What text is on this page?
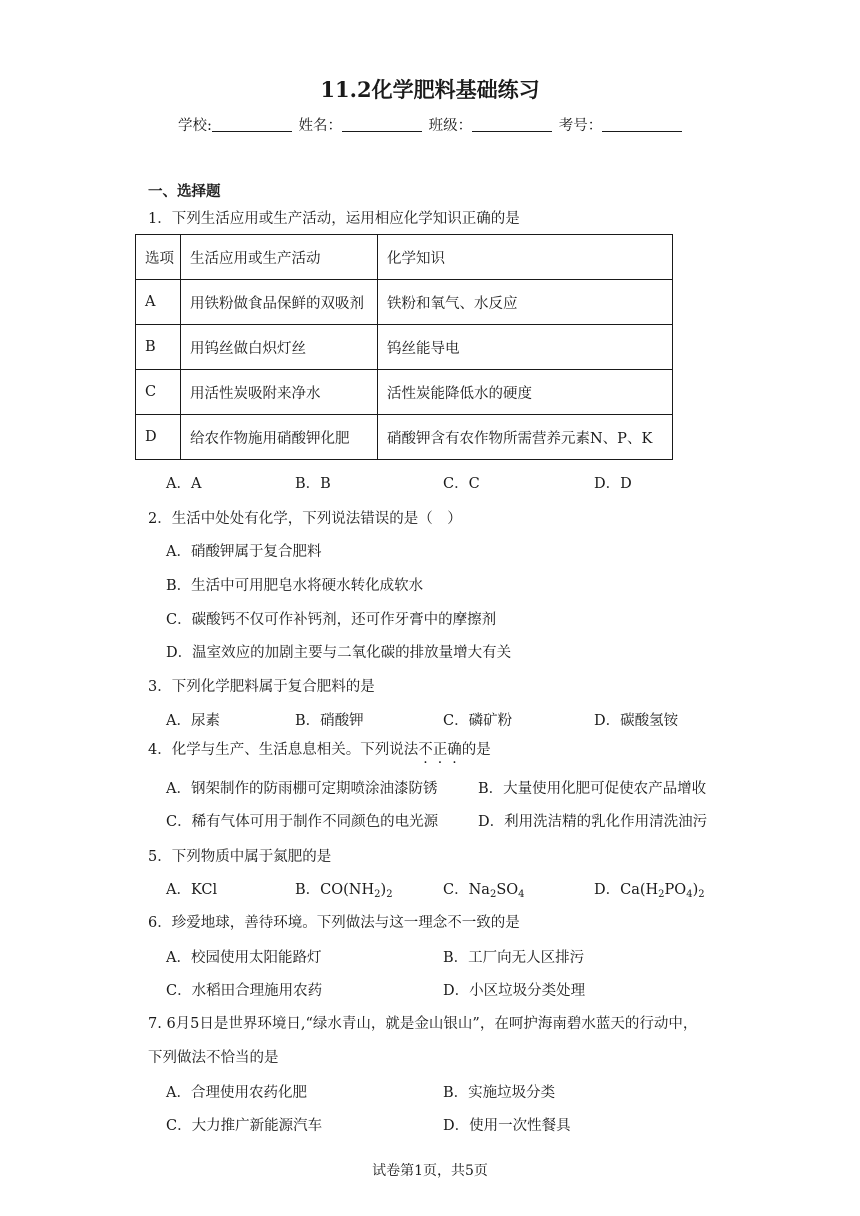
11.2化学肥料基础练习
学校:	姓名：	班级：	考号：
一、选择题
1．下列生活应用或生产活动，运用相应化学知识正确的是
选项	生活应用或生产活动	化学知识
A	用铁粉做食品保鲜的双吸剂	铁粉和氧气、水反应
B	用钨丝做白炽灯丝	钨丝能导电
C	用活性炭吸附来净水	活性炭能降低水的硬度
D	给农作物施用硝酸钾化肥	硝酸钾含有农作物所需营养元素N、P、K
A．A	B．B	C．C	D．D
2．生活中处处有化学，下列说法错误的是（　）
A．硝酸钾属于复合肥料
B．生活中可用肥皂水将硬水转化成软水
C．碳酸钙不仅可作补钙剂，还可作牙膏中的摩擦剂
D．温室效应的加剧主要与二氧化碳的排放量增大有关
3．下列化学肥料属于复合肥料的是
A．尿素	B．硝酸钾	C．磷矿粉	D．碳酸氢铵
4．化学与生产、生活息息相关。下列说法不正确的是
A．钢架制作的防雨棚可定期喷涂油漆防锈	B．大量使用化肥可促使农产品增收
C．稀有气体可用于制作不同颜色的电光源	D．利用洗洁精的乳化作用清洗油污
5．下列物质中属于氮肥的是
A．KCl	B．$CO(NH_2)_2$	C．$Na_2SO_4$	D．$Ca(H_2PO_4)_2$
6．珍爱地球，善待环境。下列做法与这一理念不一致的是
A．校园使用太阳能路灯	B．工厂向无人区排污
C．水稻田合理施用农药	D．小区垃圾分类处理
7. 6月5日是世界环境日,“绿水青山，就是金山银山”，在呵护海南碧水蓝天的行动中，
下列做法不恰当的是
A．合理使用农药化肥	B．实施垃圾分类
C．大力推广新能源汽车	D．使用一次性餐具
试卷第1页，共5页
